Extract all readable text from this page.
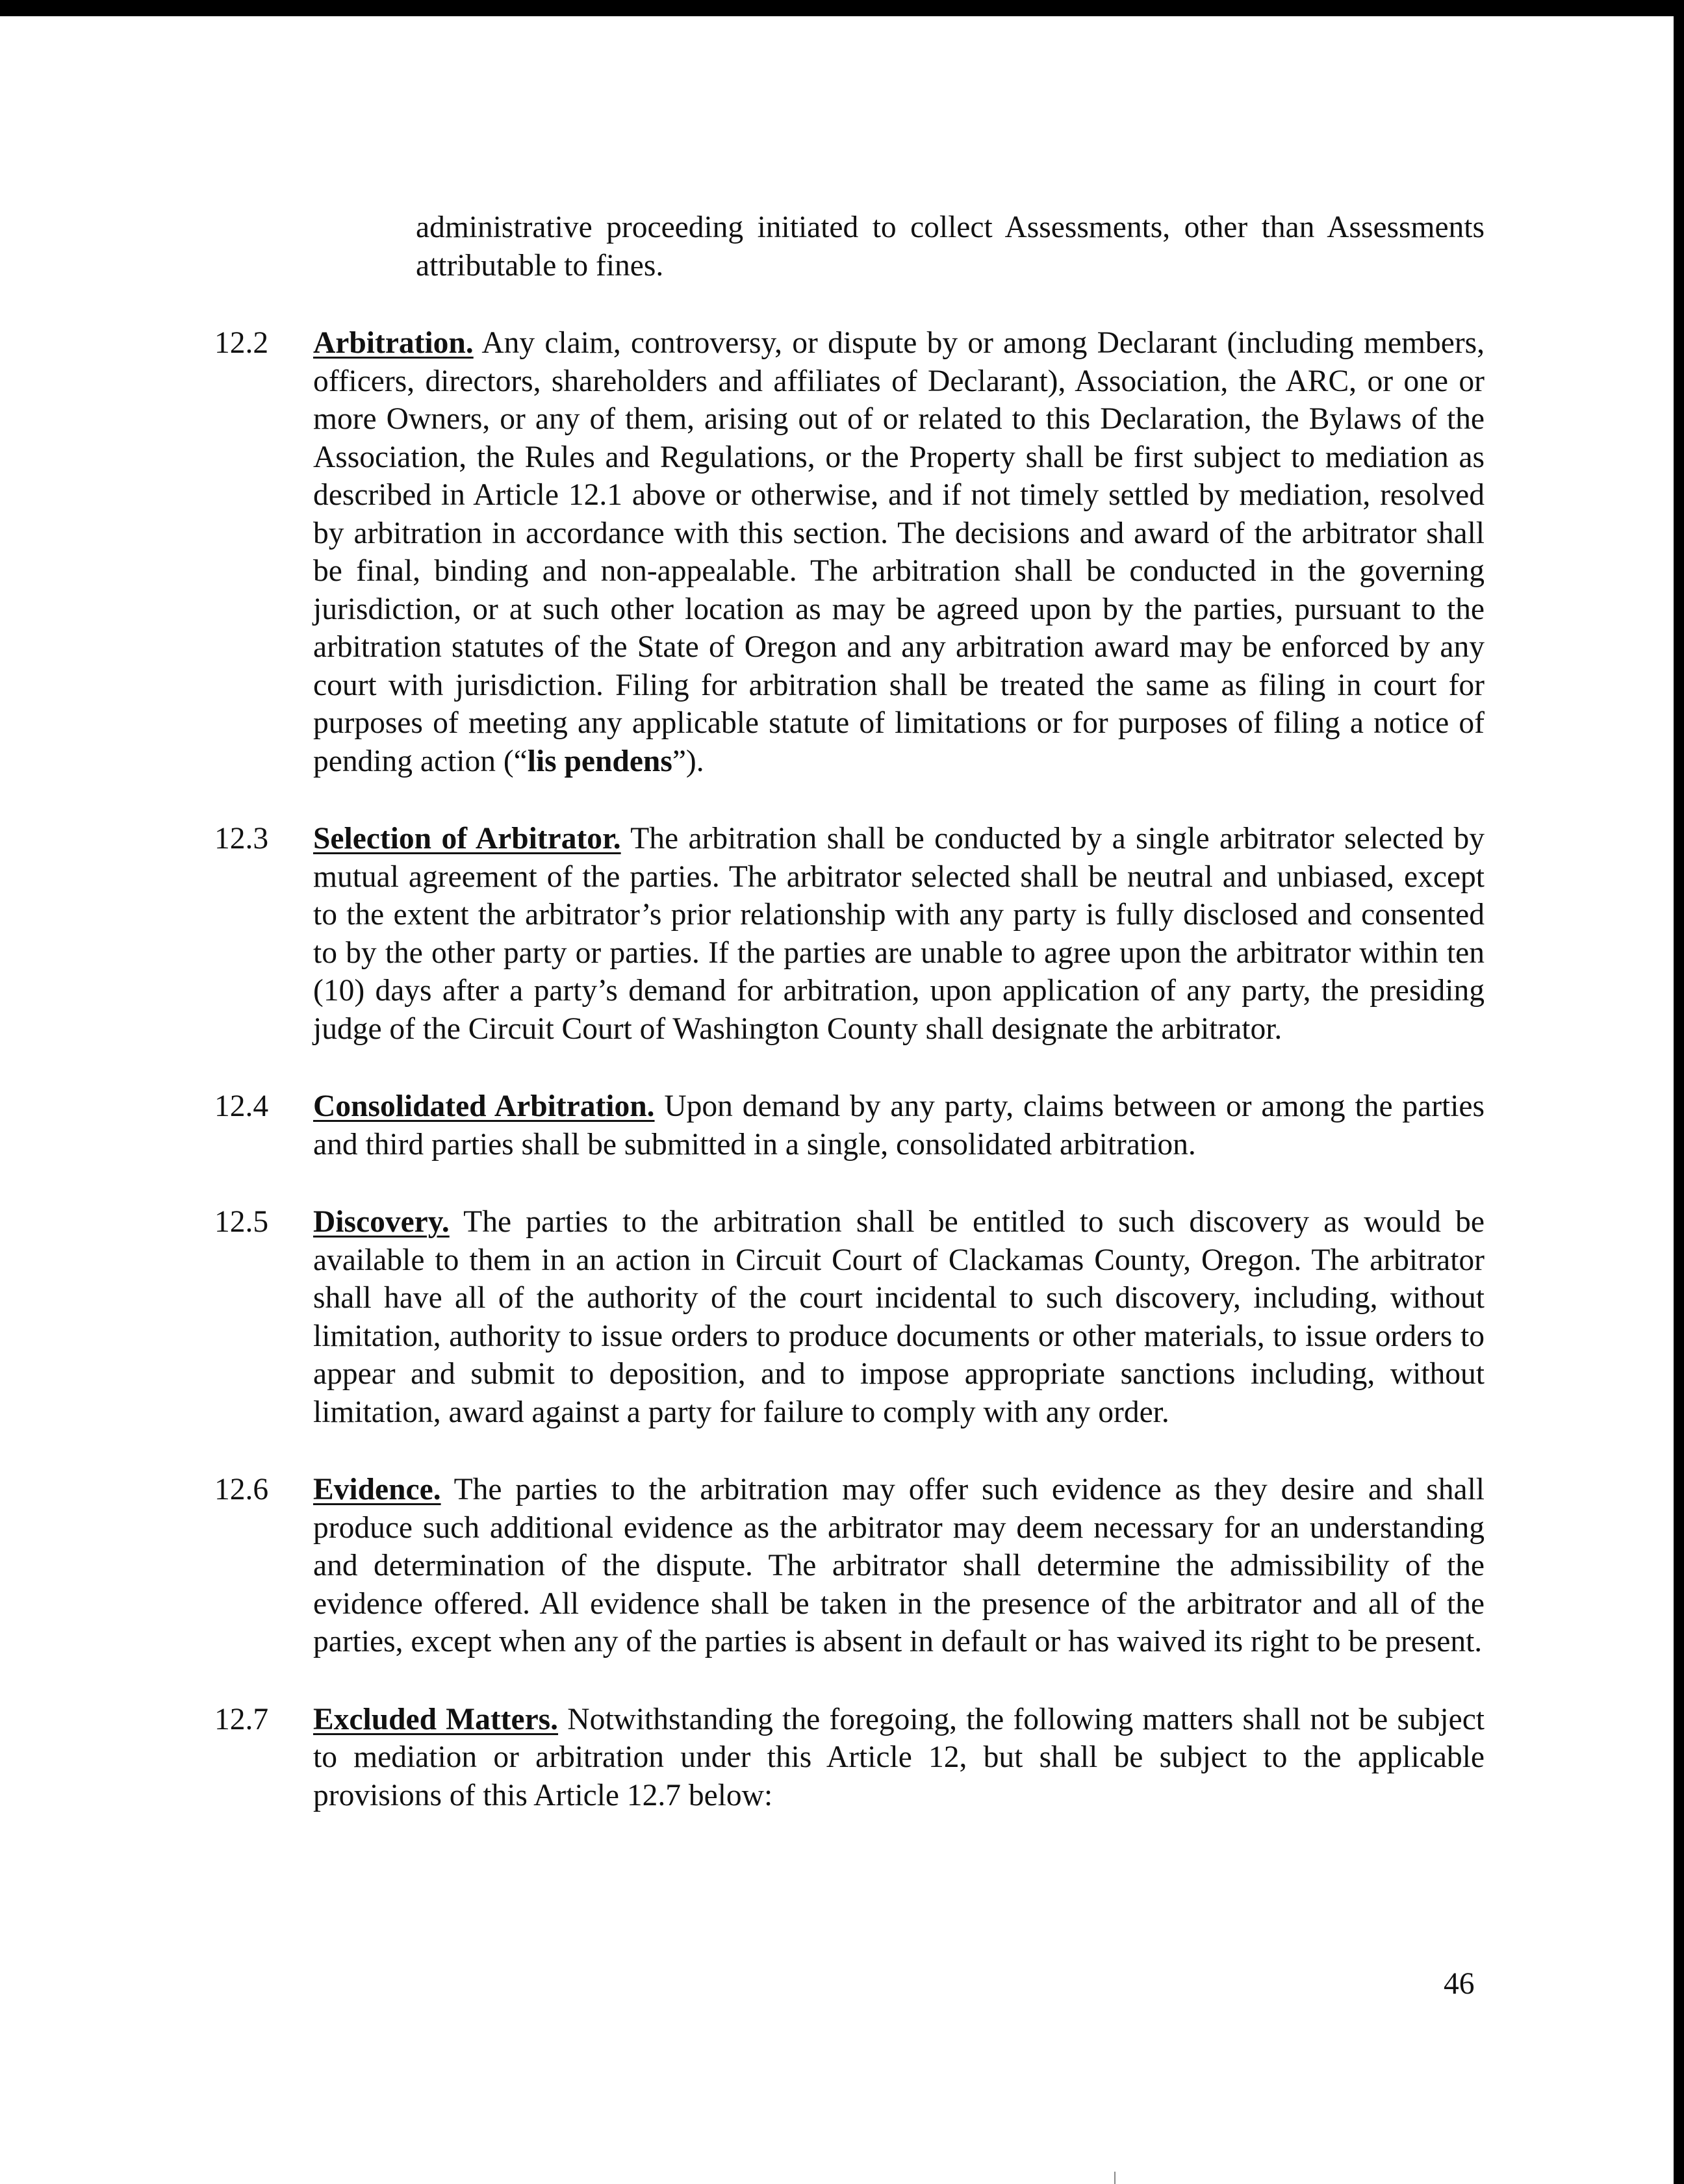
administrative proceeding initiated to collect Assessments, other than Assessments attributable to fines.

12.2 Arbitration. Any claim, controversy, or dispute by or among Declarant (including members, officers, directors, shareholders and affiliates of Declarant), Association, the ARC, or one or more Owners, or any of them, arising out of or related to this Declaration, the Bylaws of the Association, the Rules and Regulations, or the Property shall be first subject to mediation as described in Article 12.1 above or otherwise, and if not timely settled by mediation, resolved by arbitration in accordance with this section. The decisions and award of the arbitrator shall be final, binding and non-appealable. The arbitration shall be conducted in the governing jurisdiction, or at such other location as may be agreed upon by the parties, pursuant to the arbitration statutes of the State of Oregon and any arbitration award may be enforced by any court with jurisdiction. Filing for arbitration shall be treated the same as filing in court for purposes of meeting any applicable statute of limitations or for purposes of filing a notice of pending action (“lis pendens”).
12.3 Selection of Arbitrator. The arbitration shall be conducted by a single arbitrator selected by mutual agreement of the parties. The arbitrator selected shall be neutral and unbiased, except to the extent the arbitrator’s prior relationship with any party is fully disclosed and consented to by the other party or parties. If the parties are unable to agree upon the arbitrator within ten (10) days after a party’s demand for arbitration, upon application of any party, the presiding judge of the Circuit Court of Washington County shall designate the arbitrator.
12.4 Consolidated Arbitration. Upon demand by any party, claims between or among the parties and third parties shall be submitted in a single, consolidated arbitration.
12.5 Discovery. The parties to the arbitration shall be entitled to such discovery as would be available to them in an action in Circuit Court of Clackamas County, Oregon. The arbitrator shall have all of the authority of the court incidental to such discovery, including, without limitation, authority to issue orders to produce documents or other materials, to issue orders to appear and submit to deposition, and to impose appropriate sanctions including, without limitation, award against a party for failure to comply with any order.
12.6 Evidence. The parties to the arbitration may offer such evidence as they desire and shall produce such additional evidence as the arbitrator may deem necessary for an understanding and determination of the dispute. The arbitrator shall determine the admissibility of the evidence offered. All evidence shall be taken in the presence of the arbitrator and all of the parties, except when any of the parties is absent in default or has waived its right to be present.
12.7 Excluded Matters. Notwithstanding the foregoing, the following matters shall not be subject to mediation or arbitration under this Article 12, but shall be subject to the applicable provisions of this Article 12.7 below:
46
